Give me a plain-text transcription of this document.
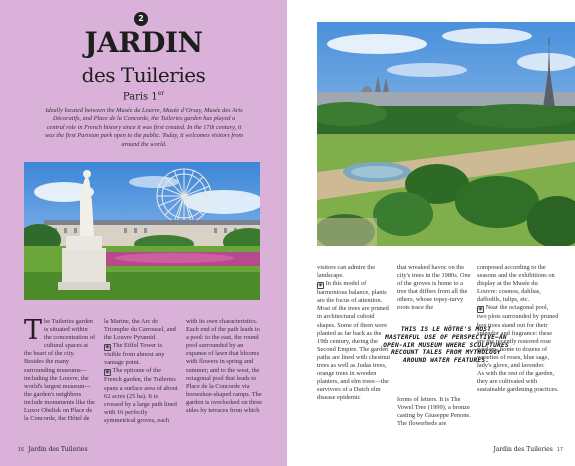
2
JARDIN
des Tuileries
Paris 1er
Ideally located between the Musée du Louvre, Musée d’Orsay, Musée des Arts Décoratifs, and Place de la Concorde, the Tuileries garden has played a central role in French history since it was first created. In the 17th century, it was the first Parisian park open to the public. Today, it welcomes visitors from around the world.
The Tuileries garden is situated within the concentration of cultural spaces at the heart of the city. Besides the many surrounding museums—including the Louvre, the world's largest museum—the garden's neighbors include monuments like the Luxor Obelisk on Place de la Concorde, the Hôtel de
la Marine, the Arc de Triomphe du Carrousel, and the Louvre Pyramid.
◉ The Eiffel Tower is visible from almost any vantage point.
◉ The epitome of the French garden, the Tuileries spans a surface area of about 62 acres (25 ha). It is crossed by a large path lined with 16 perfectly symmetrical groves, each
with its own characteristics. Each end of the path leads to a pool: to the east, the round pool surrounded by an expanse of lawn that blooms with flowers in spring and summer; and to the west, the octagonal pool that leads to Place de la Concorde via horseshoe-shaped ramps. The garden is overlooked on three sides by terraces from which
16 Jardin des Tuileries
visitors can admire the landscape.
◉ In this model of harmonious balance, plants are the focus of attention. Most of the trees are pruned in architectural cuboid shapes. Some of them were planted as far back as the 19th century, during the Second Empire. The garden paths are lined with chestnut trees as well as Judas trees, orange trees in wooden planters, and elm trees—the survivors of a Dutch elm disease epidemic
that wreaked havoc on the city's trees in the 1980s. One of the groves is home to a tree that differs from all the others, whose topsy-turvy roots trace the
THIS IS LE NÔTRE'S MOST MASTERFUL USE OF PERSPECTIVE—AN OPEN-AIR MUSEUM WHERE SCULPTURES RECOUNT TALES FROM MYTHOLOGY AROUND WATER FEATURES.
forms of letters. It is The Vowel Tree (1999), a bronze casting by Giuseppe Penone. The flowerbeds are
composed according to the seasons and the exhibitions on display at the Musée du Louvre: cosmos, dahlias, daffodils, tulips, etc.
◉ Near the octagonal pool, two plots surrounded by pruned box trees stand out for their splendor and fragrance: these are the recently restored rose gardens, home to dozens of varieties of roses, blue sage, lady's glove, and lavender.
As with the rest of the garden, they are cultivated with sustainable gardening practices.
Jardin des Tuileries 17
